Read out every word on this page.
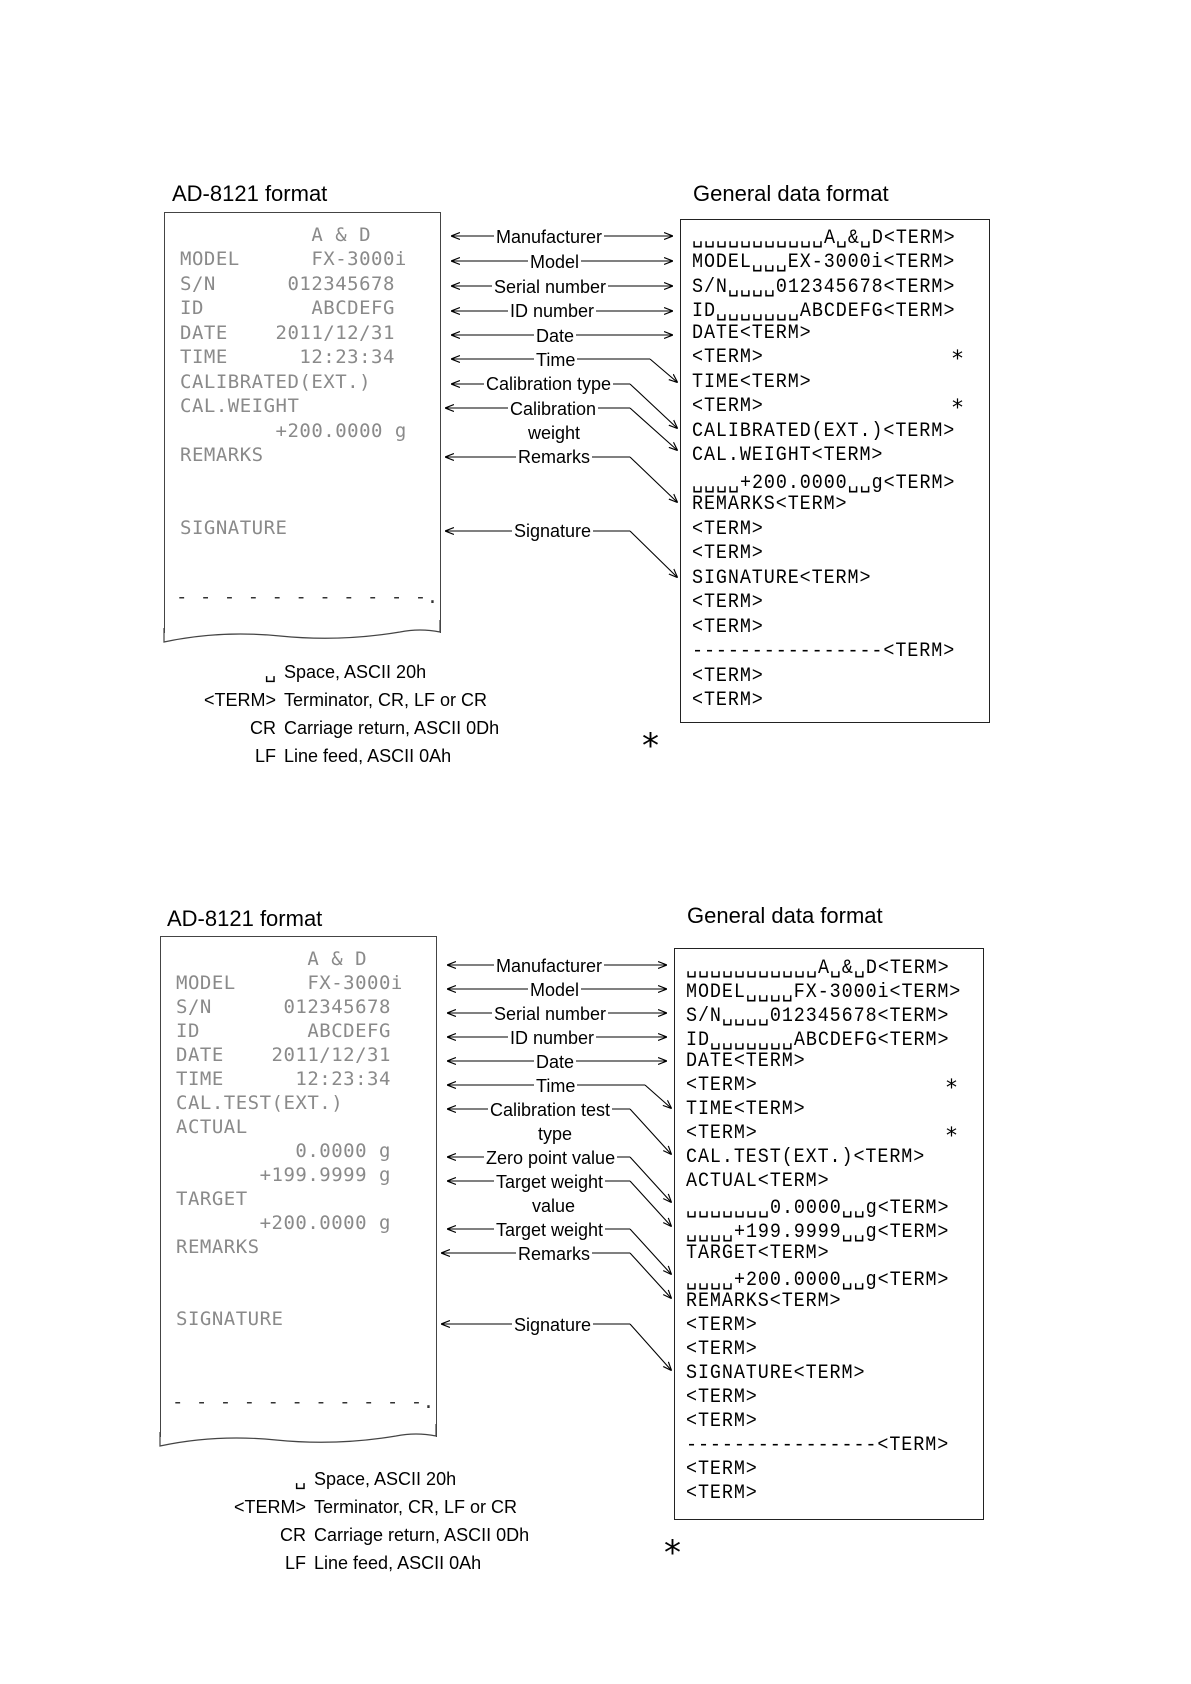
AD-8121 format	General data format
A & D
MODEL      FX-3000i
S/N      012345678
ID         ABCDEFG
DATE    2011/12/31
TIME      12:23:34
CALIBRATED(EXT.)
CAL.WEIGHT
+200.0000 g
REMARKS
SIGNATURE
- - - - - - - - - - -.
␣␣␣␣␣␣␣␣␣␣␣A␣&␣D<TERM>
MODEL␣␣␣EX-3000i<TERM>
S/N␣␣␣␣012345678<TERM>
ID␣␣␣␣␣␣␣ABCDEFG<TERM>
DATE<TERM>
<TERM>
TIME<TERM>
<TERM>
CALIBRATED(EXT.)<TERM>
CAL.WEIGHT<TERM>
␣␣␣␣+200.0000␣␣g<TERM>
REMARKS<TERM>
<TERM>
<TERM>
SIGNATURE<TERM>
<TERM>
<TERM>
----------------<TERM>
<TERM>
<TERM>
*
*
Manufacturer
Model
Serial number
ID number
Date
Time
Calibration type
Calibration
weight
Remarks
Signature
␣ Space, ASCII 20h
<TERM> Terminator, CR, LF or CR
CR Carriage return, ASCII 0Dh
LF Line feed, ASCII 0Ah	*
AD-8121 format	General data format
A & D
MODEL      FX-3000i
S/N      012345678
ID         ABCDEFG
DATE    2011/12/31
TIME      12:23:34
CAL.TEST(EXT.)
ACTUAL
0.0000 g
+199.9999 g
TARGET
+200.0000 g
REMARKS
SIGNATURE
- - - - - - - - - - -.
␣␣␣␣␣␣␣␣␣␣␣A␣&␣D<TERM>
MODEL␣␣␣␣FX-3000i<TERM>
S/N␣␣␣␣012345678<TERM>
ID␣␣␣␣␣␣␣ABCDEFG<TERM>
DATE<TERM>
<TERM>
TIME<TERM>
<TERM>
CAL.TEST(EXT.)<TERM>
ACTUAL<TERM>
␣␣␣␣␣␣␣0.0000␣␣g<TERM>
␣␣␣␣+199.9999␣␣g<TERM>
TARGET<TERM>
␣␣␣␣+200.0000␣␣g<TERM>
REMARKS<TERM>
<TERM>
<TERM>
SIGNATURE<TERM>
<TERM>
<TERM>
----------------<TERM>
<TERM>
<TERM>
*
*
Manufacturer
Model
Serial number
ID number
Date
Time
Calibration test
type
Zero point value
Target weight
value
Target weight
Remarks
Signature
␣ Space, ASCII 20h
<TERM> Terminator, CR, LF or CR
CR Carriage return, ASCII 0Dh
LF Line feed, ASCII 0Ah	*
